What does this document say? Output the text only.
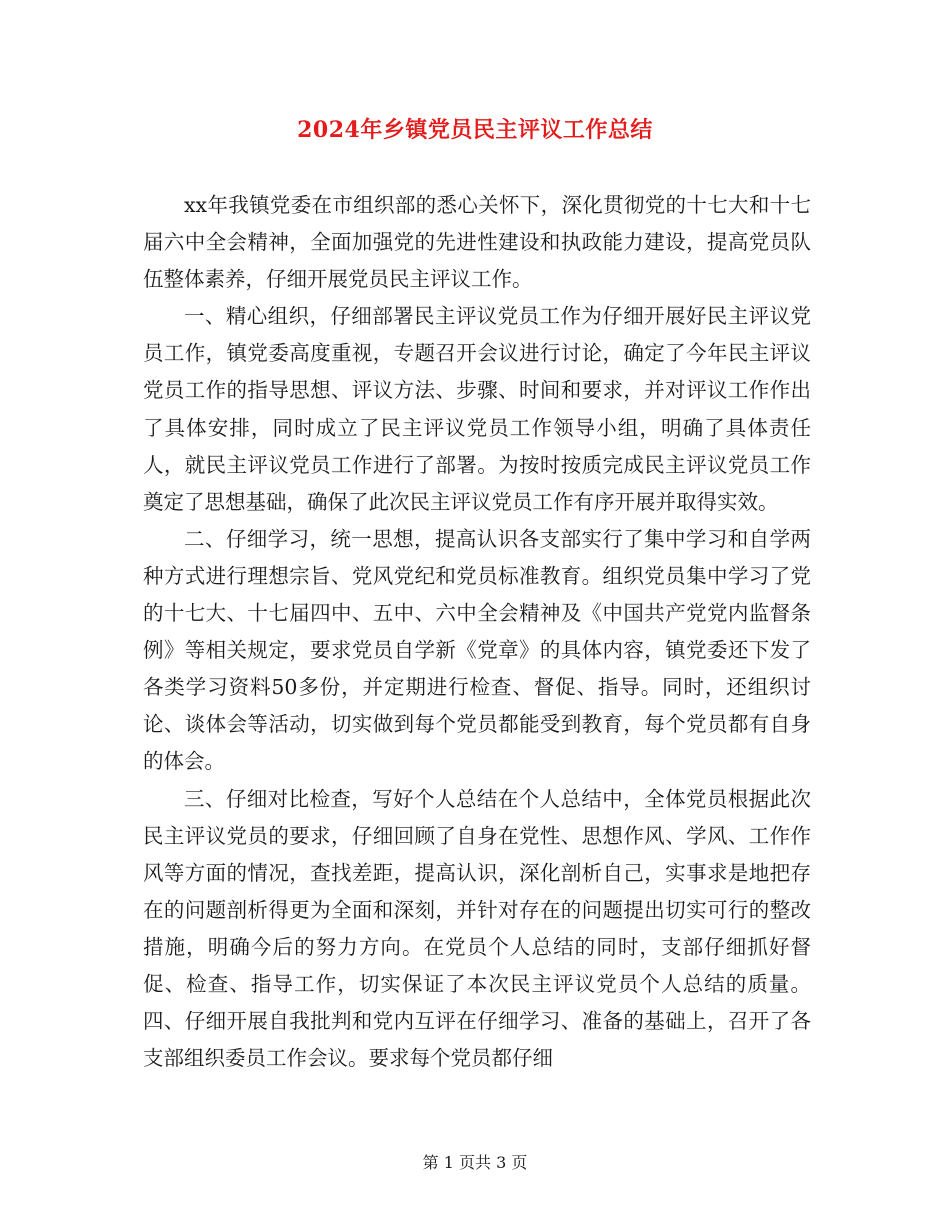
2024年乡镇党员民主评议工作总结

xx年我镇党委在市组织部的悉心关怀下，深化贯彻党的十七大和十七届六中全会精神，全面加强党的先进性建设和执政能力建设，提高党员队伍整体素养，仔细开展党员民主评议工作。

一、精心组织，仔细部署民主评议党员工作为仔细开展好民主评议党员工作，镇党委高度重视，专题召开会议进行讨论，确定了今年民主评议党员工作的指导思想、评议方法、步骤、时间和要求，并对评议工作作出了具体安排，同时成立了民主评议党员工作领导小组，明确了具体责任人，就民主评议党员工作进行了部署。为按时按质完成民主评议党员工作奠定了思想基础，确保了此次民主评议党员工作有序开展并取得实效。

二、仔细学习，统一思想，提高认识各支部实行了集中学习和自学两种方式进行理想宗旨、党风党纪和党员标准教育。组织党员集中学习了党的十七大、十七届四中、五中、六中全会精神及《中国共产党党内监督条例》等相关规定，要求党员自学新《党章》的具体内容，镇党委还下发了各类学习资料50多份，并定期进行检查、督促、指导。同时，还组织讨论、谈体会等活动，切实做到每个党员都能受到教育，每个党员都有自身的体会。

三、仔细对比检查，写好个人总结在个人总结中，全体党员根据此次民主评议党员的要求，仔细回顾了自身在党性、思想作风、学风、工作作风等方面的情况，查找差距，提高认识，深化剖析自己，实事求是地把存在的问题剖析得更为全面和深刻，并针对存在的问题提出切实可行的整改措施，明确今后的努力方向。在党员个人总结的同时，支部仔细抓好督促、检查、指导工作，切实保证了本次民主评议党员个人总结的质量。四、仔细开展自我批判和党内互评在仔细学习、准备的基础上，召开了各支部组织委员工作会议。要求每个党员都仔细

第 1 页共 3 页
